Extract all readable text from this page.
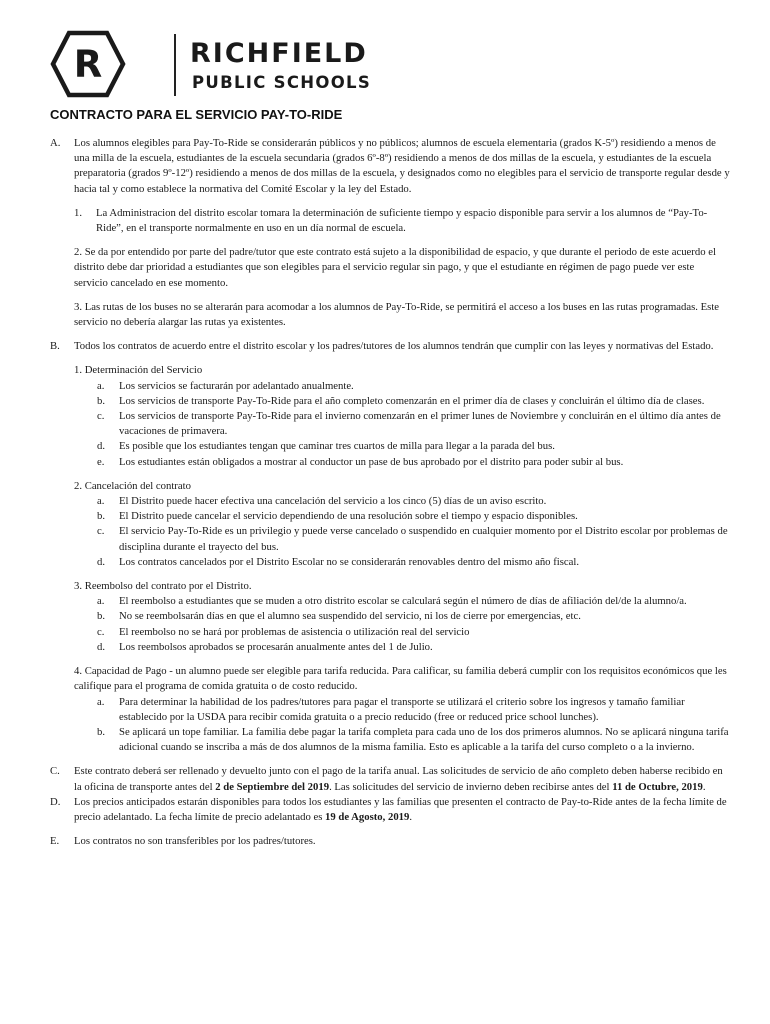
R	RICHFIELD
PUBLIC SCHOOLS
CONTRACTO PARA EL SERVICIO PAY-TO-RIDE
A. Los alumnos elegibles para Pay-To-Ride se considerarán públicos y no públicos; alumnos de escuela elementaria (grados K-5º) residiendo a menos de una milla de la escuela, estudiantes de la escuela secundaria (grados 6º-8º) residiendo a menos de dos millas de la escuela, y estudiantes de la escuela preparatoria (grados 9º-12º) residiendo a menos de dos millas de la escuela, y designados como no elegibles para el servicio de transporte regular desde y hacia tal y como establece la normativa del Comité Escolar y la ley del Estado.

1. La Administracion del distrito escolar tomara la determinación de suficiente tiempo y espacio disponible para servir a los alumnos de “Pay-To-Ride”, en el transporte normalmente en uso en un día normal de escuela.

2. Se da por entendido por parte del padre/tutor que este contrato está sujeto a la disponibilidad de espacio, y que durante el periodo de este acuerdo el distrito debe dar prioridad a estudiantes que son elegibles para el servicio regular sin pago, y que el estudiante en régimen de pago puede ver este servicio cancelado en ese momento.

3. Las rutas de los buses no se alterarán para acomodar a los alumnos de Pay-To-Ride, se permitirá el acceso a los buses en las rutas programadas. Este servicio no debería alargar las rutas ya existentes.

B. Todos los contratos de acuerdo entre el distrito escolar y los padres/tutores de los alumnos tendrán que cumplir con las leyes y normativas del Estado.

1. Determinación del Servicio
a. Los servicios se facturarán por adelantado anualmente.

b. Los servicios de transporte Pay-To-Ride para el año completo comenzarán en el primer día de clases y concluirán el último día de clases.

c. Los servicios de transporte Pay-To-Ride para el invierno comenzarán en el primer lunes de Noviembre y concluirán en el último día antes de vacaciones de primavera.

d. Es posible que los estudiantes tengan que caminar tres cuartos de milla para llegar a la parada del bus.

e. Los estudiantes están obligados a mostrar al conductor un pase de bus aprobado por el distrito para poder subir al bus.

2. Cancelación del contrato
a. El Distrito puede hacer efectiva una cancelación del servicio a los cinco (5) días de un aviso escrito.

b. El Distrito puede cancelar el servicio dependiendo de una resolución sobre el tiempo y espacio disponibles.

c. El servicio Pay-To-Ride es un privilegio y puede verse cancelado o suspendido en cualquier momento por el Distrito escolar por problemas de disciplina durante el trayecto del bus.

d. Los contratos cancelados por el Distrito Escolar no se considerarán renovables dentro del mismo año fiscal.

3. Reembolso del contrato por el Distrito.
a. El reembolso a estudiantes que se muden a otro distrito escolar se calculará según el número de días de afiliación del/de la alumno/a.

b. No se reembolsarán días en que el alumno sea suspendido del servicio, ni los de cierre por emergencias, etc.

c. El reembolso no se hará por problemas de asistencia o utilización real del servicio

d. Los reembolsos aprobados se procesarán anualmente antes del 1 de Julio.

4. Capacidad de Pago - un alumno puede ser elegible para tarifa reducida. Para calificar, su familia deberá cumplir con los requisitos económicos que les califique para el programa de comida gratuita o de costo reducido.
a. Para determinar la habilidad de los padres/tutores para pagar el transporte se utilizará el criterio sobre los ingresos y tamaño familiar establecido por la USDA para recibir comida gratuita o a precio reducido (free or reduced price school lunches).

b. Se aplicará un tope familiar. La familia debe pagar la tarifa completa para cada uno de los dos primeros alumnos. No se aplicará ninguna tarifa adicional cuando se inscriba a más de dos alumnos de la misma familia. Esto es aplicable a la tarifa del curso completo o a la invierno.

C. Este contrato deberá ser rellenado y devuelto junto con el pago de la tarifa anual. Las solicitudes de servicio de año completo deben haberse recibido en la oficina de transporte antes del 2 de Septiembre del 2019. Las solicitudes del servicio de invierno deben recibirse antes del 11 de Octubre, 2019.

D. Los precios anticipados estarán disponibles para todos los estudiantes y las familias que presenten el contracto de Pay-to-Ride antes de la fecha límite de precio adelantado. La fecha límite de precio adelantado es 19 de Agosto, 2019.

E. Los contratos no son transferibles por los padres/tutores.
